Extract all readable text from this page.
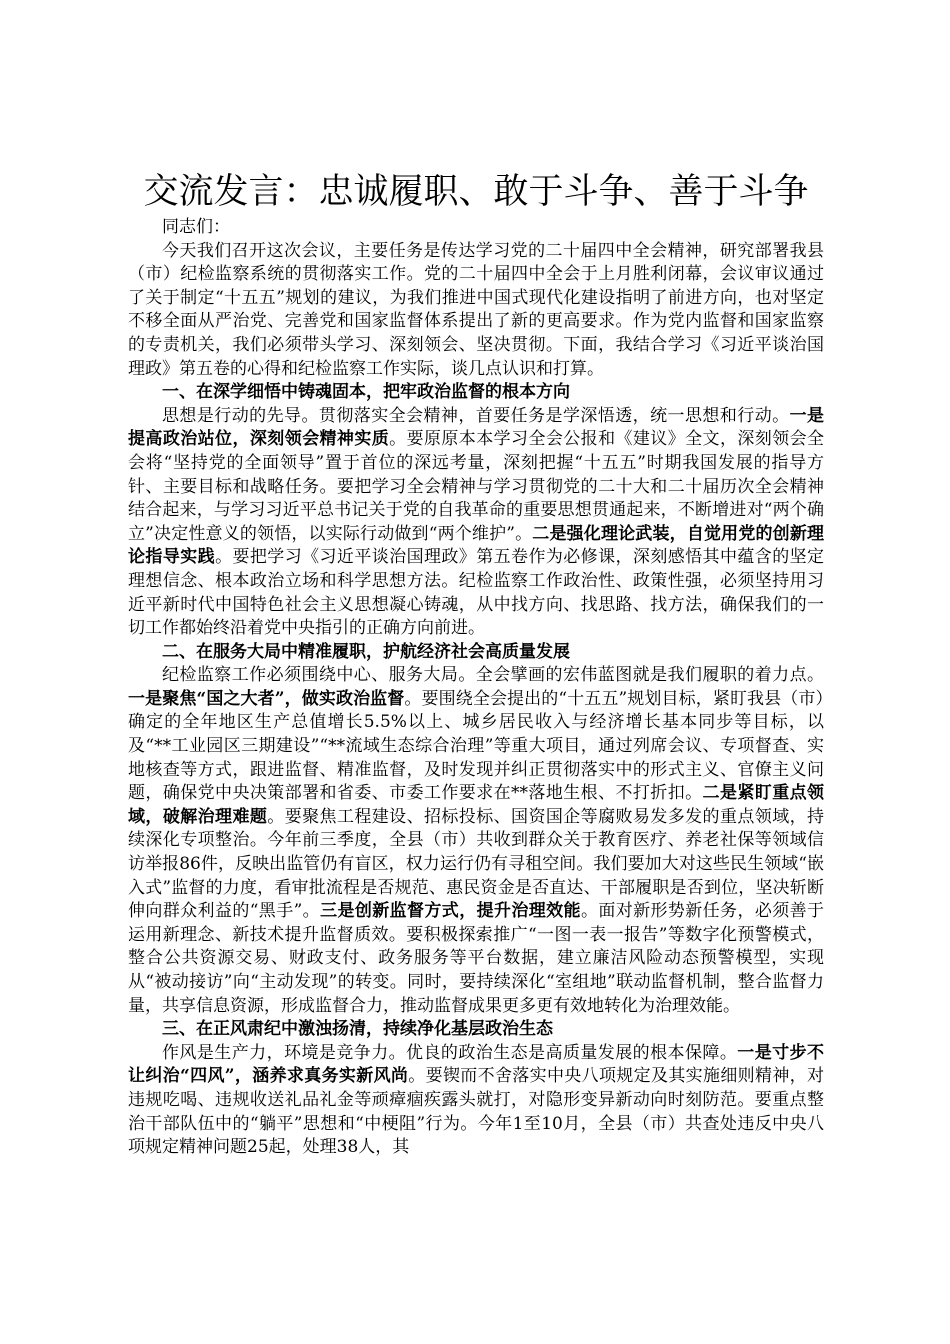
交流发言：忠诚履职、敢于斗争、善于斗争

同志们：

今天我们召开这次会议，主要任务是传达学习党的二十届四中全会精神，研究部署我县（市）纪检监察系统的贯彻落实工作。党的二十届四中全会于上月胜利闭幕，会议审议通过了关于制定“十五五”规划的建议，为我们推进中国式现代化建设指明了前进方向，也对坚定不移全面从严治党、完善党和国家监督体系提出了新的更高要求。作为党内监督和国家监察的专责机关，我们必须带头学习、深刻领会、坚决贯彻。下面，我结合学习《习近平谈治国理政》第五卷的心得和纪检监察工作实际，谈几点认识和打算。

一、在深学细悟中铸魂固本，把牢政治监督的根本方向

思想是行动的先导。贯彻落实全会精神，首要任务是学深悟透，统一思想和行动。一是提高政治站位，深刻领会精神实质。要原原本本学习全会公报和《建议》全文，深刻领会全会将“坚持党的全面领导”置于首位的深远考量，深刻把握“十五五”时期我国发展的指导方针、主要目标和战略任务。要把学习全会精神与学习贯彻党的二十大和二十届历次全会精神结合起来，与学习习近平总书记关于党的自我革命的重要思想贯通起来，不断增进对“两个确立”决定性意义的领悟，以实际行动做到“两个维护”。二是强化理论武装，自觉用党的创新理论指导实践。要把学习《习近平谈治国理政》第五卷作为必修课，深刻感悟其中蕴含的坚定理想信念、根本政治立场和科学思想方法。纪检监察工作政治性、政策性强，必须坚持用习近平新时代中国特色社会主义思想凝心铸魂，从中找方向、找思路、找方法，确保我们的一切工作都始终沿着党中央指引的正确方向前进。

二、在服务大局中精准履职，护航经济社会高质量发展

纪检监察工作必须围绕中心、服务大局。全会擘画的宏伟蓝图就是我们履职的着力点。一是聚焦“国之大者”，做实政治监督。要围绕全会提出的“十五五”规划目标，紧盯我县（市）确定的全年地区生产总值增长5.5%以上、城乡居民收入与经济增长基本同步等目标，以及“**工业园区三期建设”“**流域生态综合治理”等重大项目，通过列席会议、专项督查、实地核查等方式，跟进监督、精准监督，及时发现并纠正贯彻落实中的形式主义、官僚主义问题，确保党中央决策部署和省委、市委工作要求在**落地生根、不打折扣。二是紧盯重点领域，破解治理难题。要聚焦工程建设、招标投标、国资国企等腐败易发多发的重点领域，持续深化专项整治。今年前三季度，全县（市）共收到群众关于教育医疗、养老社保等领域信访举报86件，反映出监管仍有盲区，权力运行仍有寻租空间。我们要加大对这些民生领域“嵌入式”监督的力度，看审批流程是否规范、惠民资金是否直达、干部履职是否到位，坚决斩断伸向群众利益的“黑手”。三是创新监督方式，提升治理效能。面对新形势新任务，必须善于运用新理念、新技术提升监督质效。要积极探索推广“一图一表一报告”等数字化预警模式，整合公共资源交易、财政支付、政务服务等平台数据，建立廉洁风险动态预警模型，实现从“被动接访”向“主动发现”的转变。同时，要持续深化“室组地”联动监督机制，整合监督力量，共享信息资源，形成监督合力，推动监督成果更多更有效地转化为治理效能。

三、在正风肃纪中激浊扬清，持续净化基层政治生态

作风是生产力，环境是竞争力。优良的政治生态是高质量发展的根本保障。一是寸步不让纠治“四风”，涵养求真务实新风尚。要锲而不舍落实中央八项规定及其实施细则精神，对违规吃喝、违规收送礼品礼金等顽瘴痼疾露头就打，对隐形变异新动向时刻防范。要重点整治干部队伍中的“躺平”思想和“中梗阻”行为。今年1至10月，全县（市）共查处违反中央八项规定精神问题25起，处理38人，其
